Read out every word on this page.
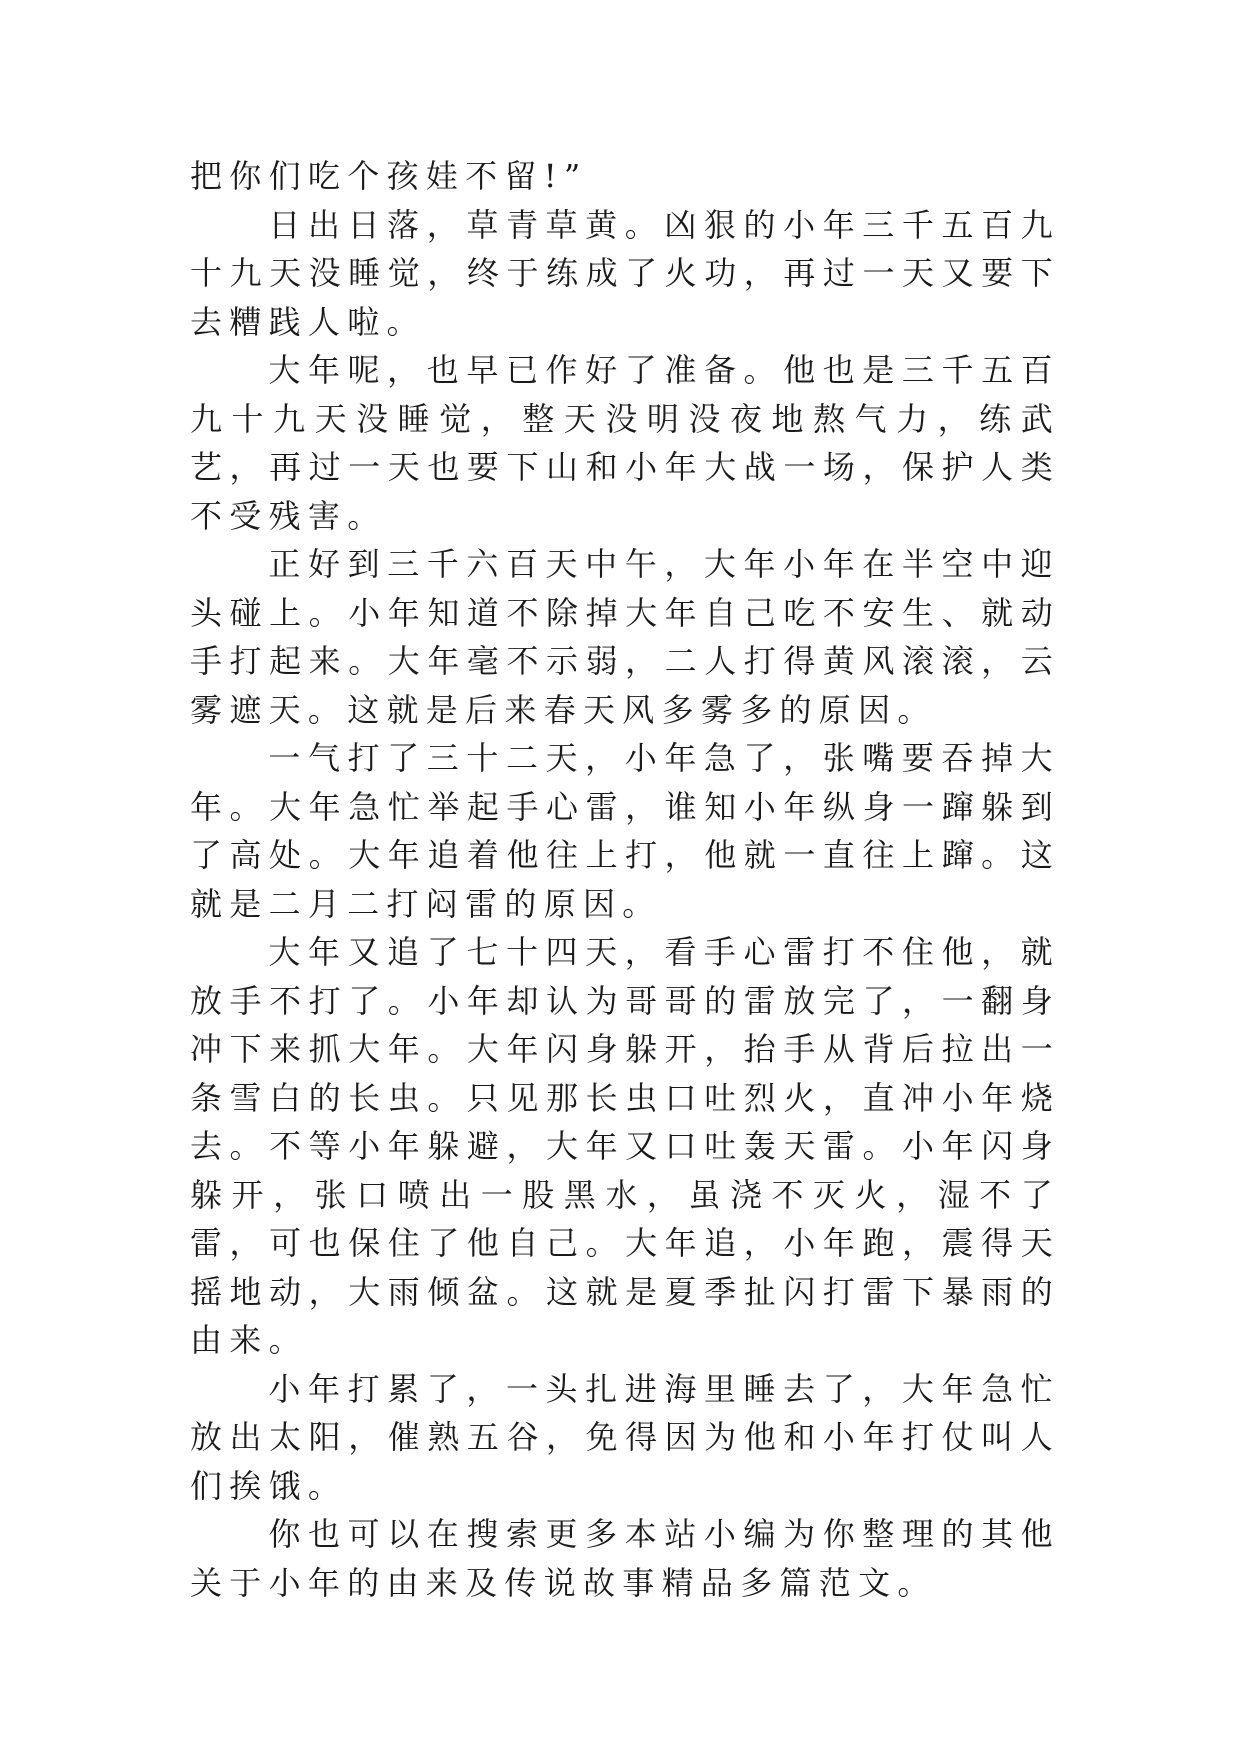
把你们吃个孩娃不留!”

日出日落，草青草黄。凶狠的小年三千五百九十九天没睡觉，终于练成了火功，再过一天又要下去糟践人啦。

大年呢，也早已作好了准备。他也是三千五百九十九天没睡觉，整天没明没夜地熬气力，练武艺，再过一天也要下山和小年大战一场，保护人类不受残害。

正好到三千六百天中午，大年小年在半空中迎头碰上。小年知道不除掉大年自己吃不安生、就动手打起来。大年毫不示弱，二人打得黄风滚滚，云雾遮天。这就是后来春天风多雾多的原因。

一气打了三十二天，小年急了，张嘴要吞掉大年。大年急忙举起手心雷，谁知小年纵身一蹿躲到了高处。大年追着他往上打，他就一直往上蹿。这就是二月二打闷雷的原因。

大年又追了七十四天，看手心雷打不住他，就放手不打了。小年却认为哥哥的雷放完了，一翻身冲下来抓大年。大年闪身躲开，抬手从背后拉出一条雪白的长虫。只见那长虫口吐烈火，直冲小年烧去。不等小年躲避，大年又口吐轰天雷。小年闪身躲开，张口喷出一股黑水，虽浇不灭火，湿不了雷，可也保住了他自己。大年追，小年跑，震得天摇地动，大雨倾盆。这就是夏季扯闪打雷下暴雨的由来。

小年打累了，一头扎进海里睡去了，大年急忙放出太阳，催熟五谷，免得因为他和小年打仗叫人们挨饿。

你也可以在搜索更多本站小编为你整理的其他关于小年的由来及传说故事精品多篇范文。
